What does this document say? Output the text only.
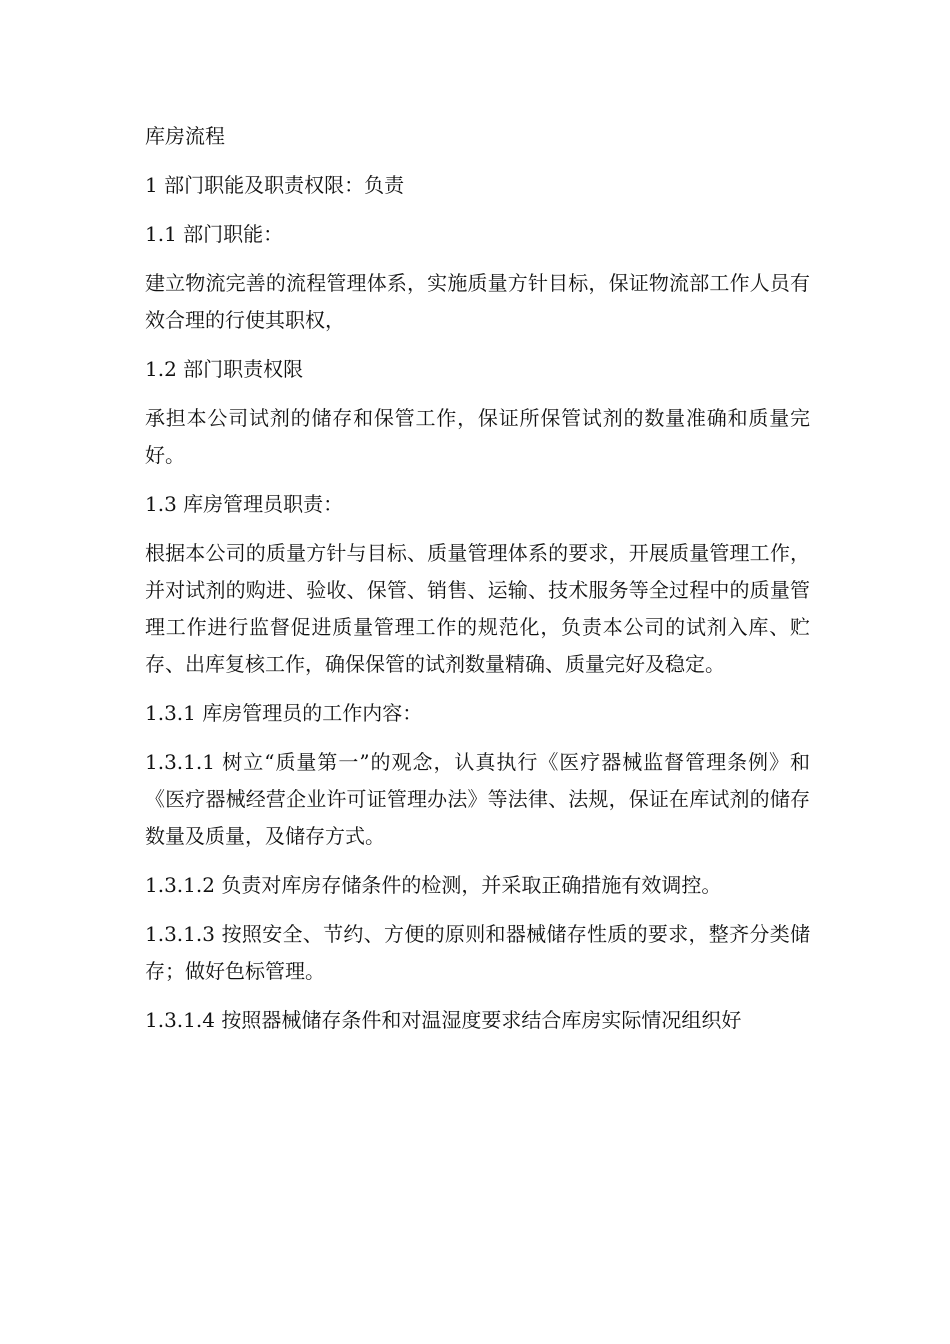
库房流程

1 部门职能及职责权限：负责

1.1 部门职能：

建立物流完善的流程管理体系，实施质量方针目标，保证物流部工作人员有效合理的行使其职权，

1.2 部门职责权限

承担本公司试剂的储存和保管工作，保证所保管试剂的数量准确和质量完好。

1.3 库房管理员职责：

根据本公司的质量方针与目标、质量管理体系的要求，开展质量管理工作，并对试剂的购进、验收、保管、销售、运输、技术服务等全过程中的质量管理工作进行监督促进质量管理工作的规范化，负责本公司的试剂入库、贮存、出库复核工作，确保保管的试剂数量精确、质量完好及稳定。

1.3.1 库房管理员的工作内容：

1.3.1.1 树立“质量第一”的观念，认真执行《医疗器械监督管理条例》和《医疗器械经营企业许可证管理办法》等法律、法规，保证在库试剂的储存数量及质量，及储存方式。

1.3.1.2 负责对库房存储条件的检测，并采取正确措施有效调控。

1.3.1.3 按照安全、节约、方便的原则和器械储存性质的要求，整齐分类储存；做好色标管理。

1.3.1.4 按照器械储存条件和对温湿度要求结合库房实际情况组织好
